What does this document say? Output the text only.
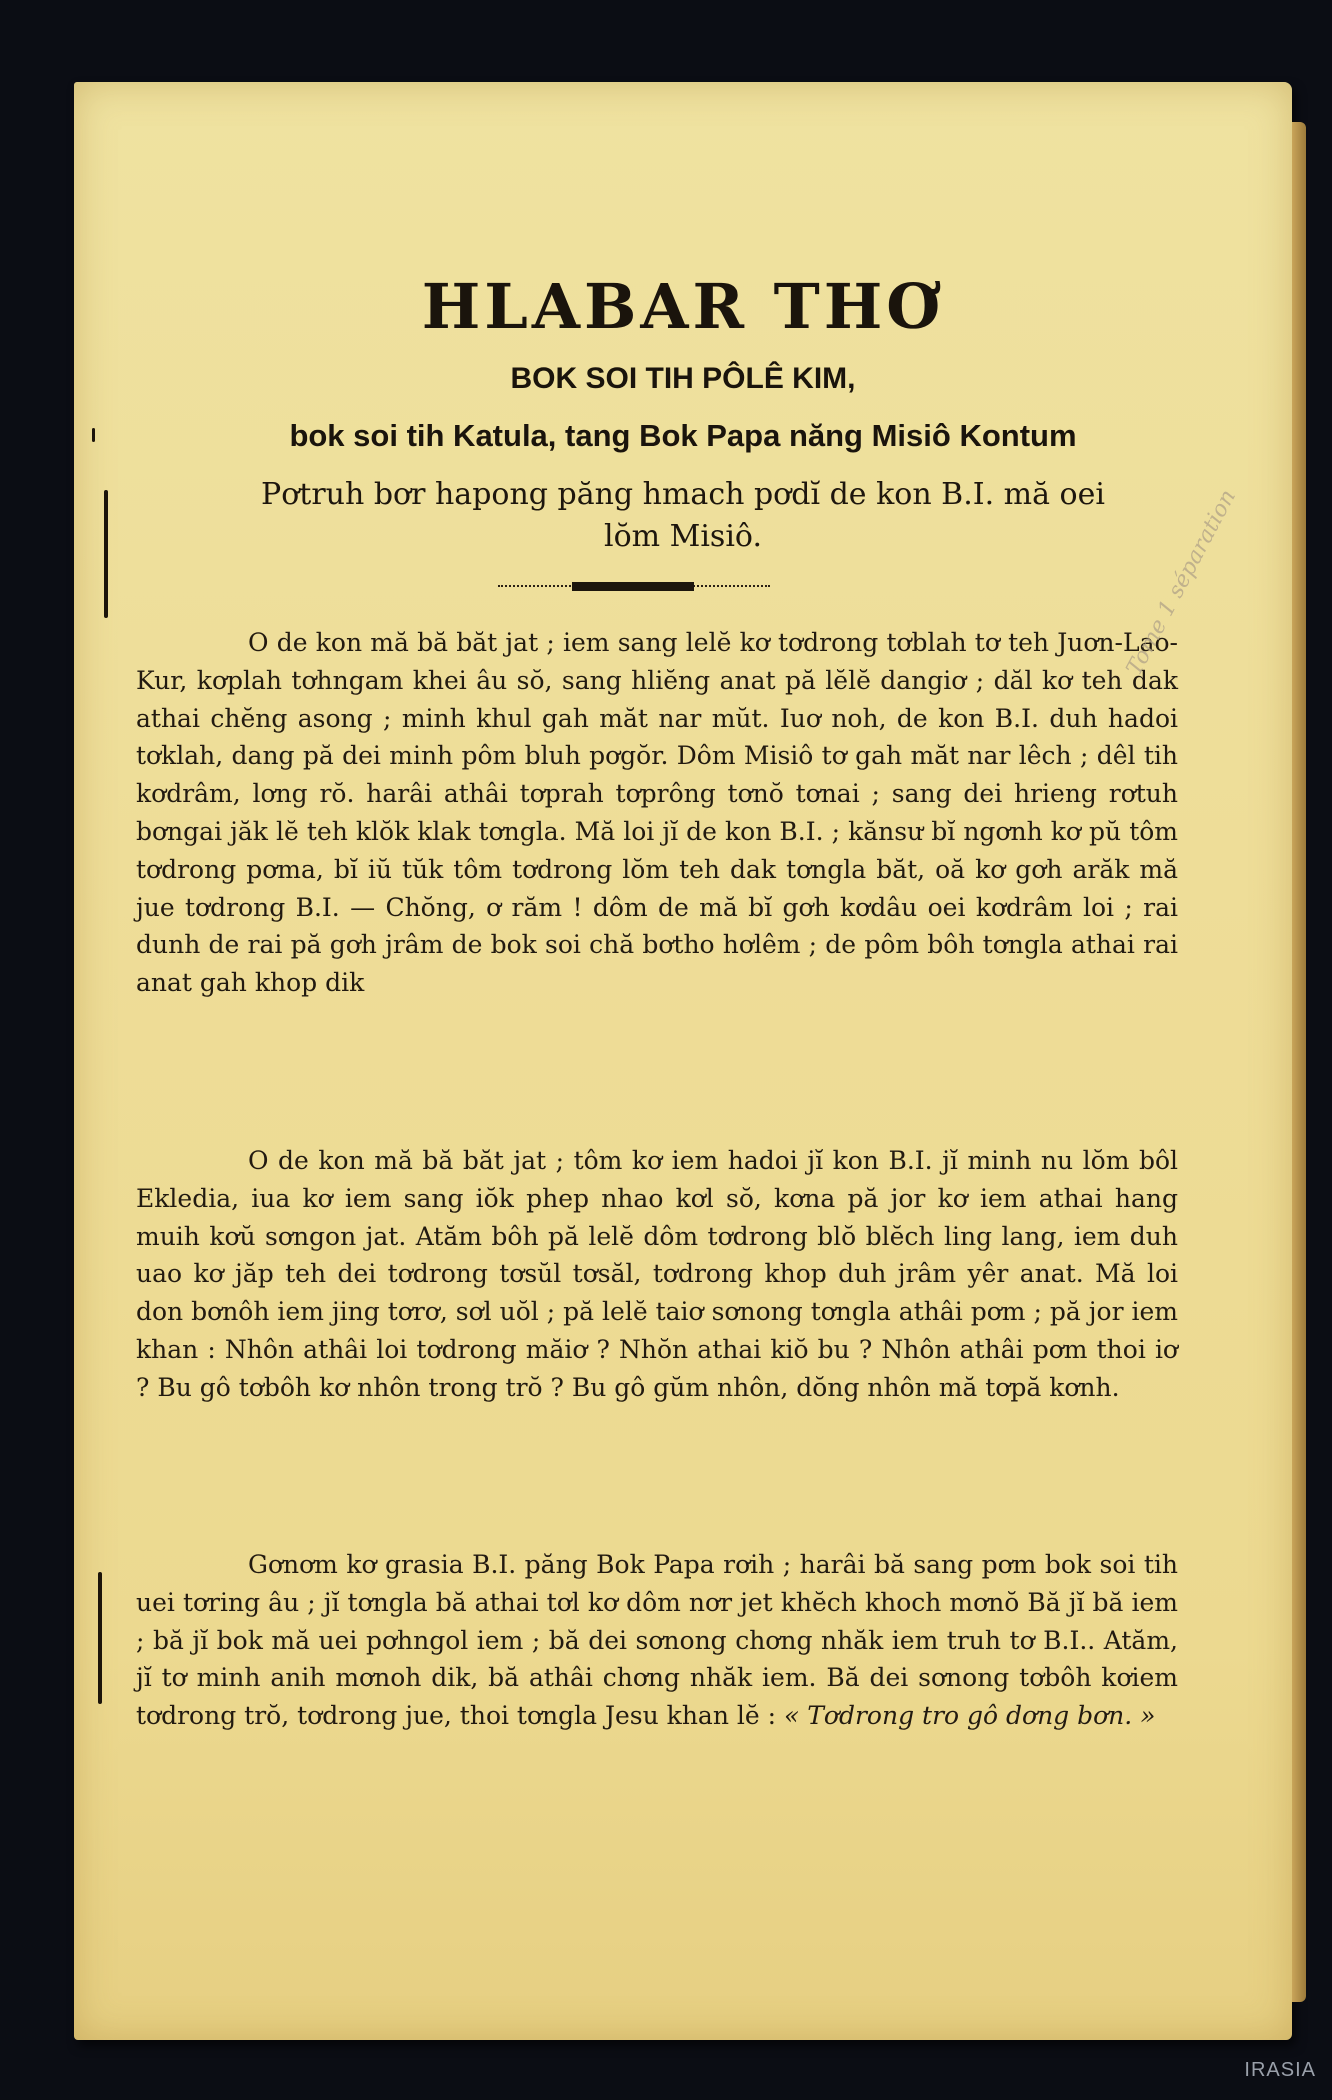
HLABAR THƠ
BOK SOI TIH PÔLÊ KIM,
bok soi tih Katula, tang Bok Papa năng Misiô Kontum

Pơtruh bơr hapong păng hmach pơdĭ de kon B.I. mă oei lŏm Misiô.

O de kon mă bă băt jat ; iem sang lelĕ kơ tơdrong tơblah tơ teh Juơn-Lao-Kur, kơplah tơhngam khei âu sŏ, sang hliĕng anat pă lĕlĕ dangiơ ; dăl kơ teh dak athai chĕng asong ; minh khul gah măt nar mŭt. Iuơ noh, de kon B.I. duh hadoi tơklah, dang pă dei minh pôm bluh pơgŏr. Dôm Misiô tơ gah măt nar lêch ; dêl tih kơdrâm, lơng rŏ. harâi athâi tơprah tơprông tơnŏ tơnai ; sang dei hrieng rơtuh bơngai jăk lĕ teh klŏk klak tơngla. Mă loi jĭ de kon B.I. ; kănsư bĭ ngơnh kơ pŭ tôm tơdrong pơma, bĭ iŭ tŭk tôm tơdrong lŏm teh dak tơngla băt, oă kơ gơh arăk mă jue tơdrong B.I. — Chŏng, ơ răm ! dôm de mă bĭ gơh kơdâu oei kơdrâm loi ; rai dunh de rai pă gơh jrâm de bok soi chă bơtho hơlêm ; de pôm bôh tơngla athai rai anat gah khop dik

O de kon mă bă băt jat ; tôm kơ iem hadoi jĭ kon B.I. jĭ minh nu lŏm bôl Ekledia, iua kơ iem sang iŏk phep nhao kơl sŏ, kơna pă jor kơ iem athai hang muih kơŭ sơngon jat. Atăm bôh pă lelĕ dôm tơdrong blŏ blĕch ling lang, iem duh uao kơ jăp teh dei tơdrong tơsŭl tơsăl, tơdrong khop duh jrâm yêr anat. Mă loi don bơnôh iem jing tơrơ, sơl uŏl ; pă lelĕ taiơ sơnong tơngla athâi pơm ; pă jor iem khan : Nhôn athâi loi tơdrong măiơ ? Nhŏn athai kiŏ bu ? Nhôn athâi pơm thoi iơ ? Bu gô tơbôh kơ nhôn trong trŏ ? Bu gô gŭm nhôn, dŏng nhôn mă tơpă kơnh.

Gơnơm kơ grasia B.I. păng Bok Papa rơih ; harâi bă sang pơm bok soi tih uei tơring âu ; jĭ tơngla bă athai tơl kơ dôm nơr jet khĕch khoch mơnŏ Bă jĭ bă iem ; bă jĭ bok mă uei pơhngol iem ; bă dei sơnong chơng nhăk iem truh tơ B.I.. Atăm, jĭ tơ minh anih mơnoh dik, bă athâi chơng nhăk iem. Bă dei sơnong tơbôh kơiem tơdrong trŏ, tơdrong jue, thoi tơngla Jesu khan lĕ : « Tơdrong tro gô dơng bơn. »

Tome 1 séparation
IRASIA
